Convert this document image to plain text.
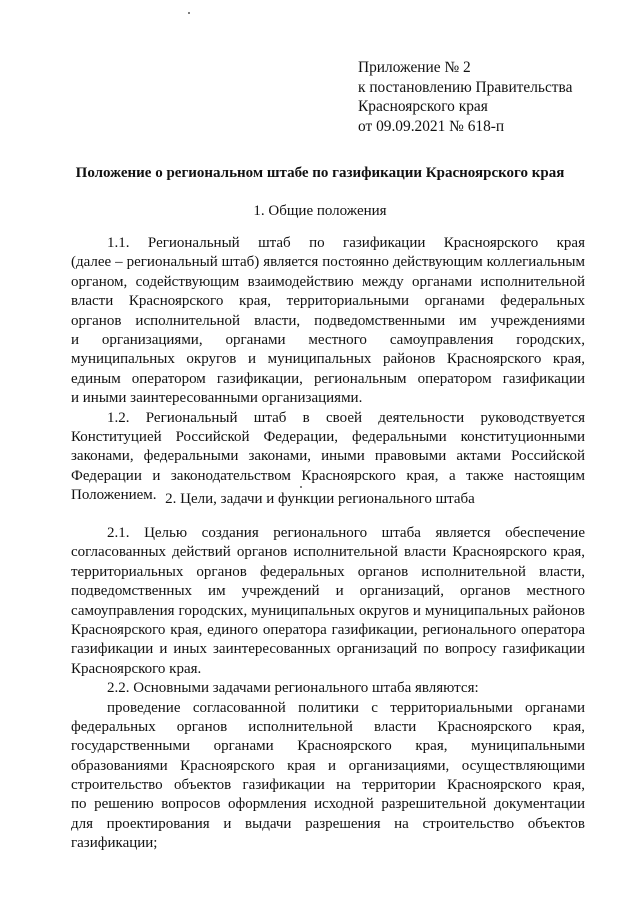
Приложение № 2
к постановлению Правительства
Красноярского края
от 09.09.2021 № 618-п
Положение о региональном штабе по газификации Красноярского края
1. Общие положения
1.1. Региональный штаб по газификации Красноярского края
(далее – региональный штаб) является постоянно действующим коллегиальным
органом, содействующим взаимодействию между органами исполнительной
власти Красноярского края, территориальными органами федеральных
органов исполнительной власти, подведомственными им учреждениями
и организациями, органами местного самоуправления городских,
муниципальных округов и муниципальных районов Красноярского края,
единым оператором газификации, региональным оператором газификации
и иными заинтересованными организациями.
1.2. Региональный штаб в своей деятельности руководствуется
Конституцией Российской Федерации, федеральными конституционными
законами, федеральными законами, иными правовыми актами Российской
Федерации и законодательством Красноярского края, а также настоящим
Положением. 2. Цели, задачи и функции регионального штаба
2.1. Целью создания регионального штаба является обеспечение
согласованных действий органов исполнительной власти Красноярского края,
территориальных органов федеральных органов исполнительной власти,
подведомственных им учреждений и организаций, органов местного
самоуправления городских, муниципальных округов и муниципальных районов
Красноярского края, единого оператора газификации, регионального оператора
газификации и иных заинтересованных организаций по вопросу газификации
Красноярского края.
2.2. Основными задачами регионального штаба являются:
проведение согласованной политики с территориальными органами
федеральных органов исполнительной власти Красноярского края,
государственными органами Красноярского края, муниципальными
образованиями Красноярского края и организациями, осуществляющими
строительство объектов газификации на территории Красноярского края,
по решению вопросов оформления исходной разрешительной документации
для проектирования и выдачи разрешения на строительство объектов
газификации;
